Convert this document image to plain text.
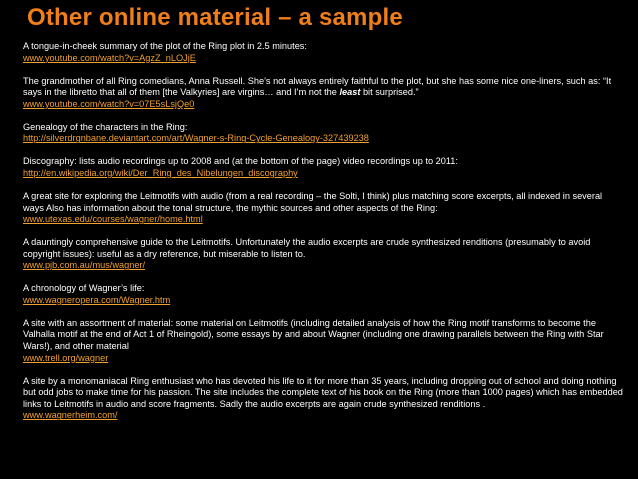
Other online material – a sample
A tongue-in-cheek summary of the plot of the Ring plot in 2.5 minutes:
www.youtube.com/watch?v=AgzZ_nLOJjE
The grandmother of all Ring comedians, Anna Russell. She’s not always entirely faithful to the plot, but she has some nice one-liners, such as: “It says in the libretto that all of them [the Valkyries] are virgins… and I’m not the least bit surprised.”
www.youtube.com/watch?v=07E5sLsjQe0
Genealogy of the characters in the Ring:
http://silverdrgnbane.deviantart.com/art/Wagner-s-Ring-Cycle-Genealogy-327439238
Discography: lists audio recordings up to 2008 and (at the bottom of the page) video recordings up to 2011:
http://en.wikipedia.org/wiki/Der_Ring_des_Nibelungen_discography
A great site for exploring the Leitmotifs with audio (from a real recording – the Solti, I think) plus matching score excerpts, all indexed in several ways Also has information about the tonal structure, the mythic sources and other aspects of the Ring:
www.utexas.edu/courses/wagner/home.html
A dauntingly comprehensive guide to the Leitmotifs. Unfortunately the audio excerpts are crude synthesized renditions (presumably to avoid copyright issues): useful as a dry reference, but miserable to listen to.
www.pjb.com.au/mus/wagner/
A chronology of Wagner’s life:
www.wagneropera.com/Wagner.htm
A site with an assortment of material: some material on Leitmotifs (including detailed analysis of how the Ring motif transforms to become the Valhalla motif at the end of Act 1 of Rheingold), some essays by and about Wagner (including one drawing parallels between the Ring with Star Wars!), and other material
www.trell.org/wagner
A site by a monomaniacal Ring enthusiast who has devoted his life to it for more than 35 years, including dropping out of school and doing nothing but odd jobs to make time for his passion. The site includes the complete text of his book on the Ring (more than 1000 pages) which has embedded links to Leitmotifs in audio and score fragments. Sadly the audio excerpts are again crude synthesized renditions .
www.wagnerheim.com/
